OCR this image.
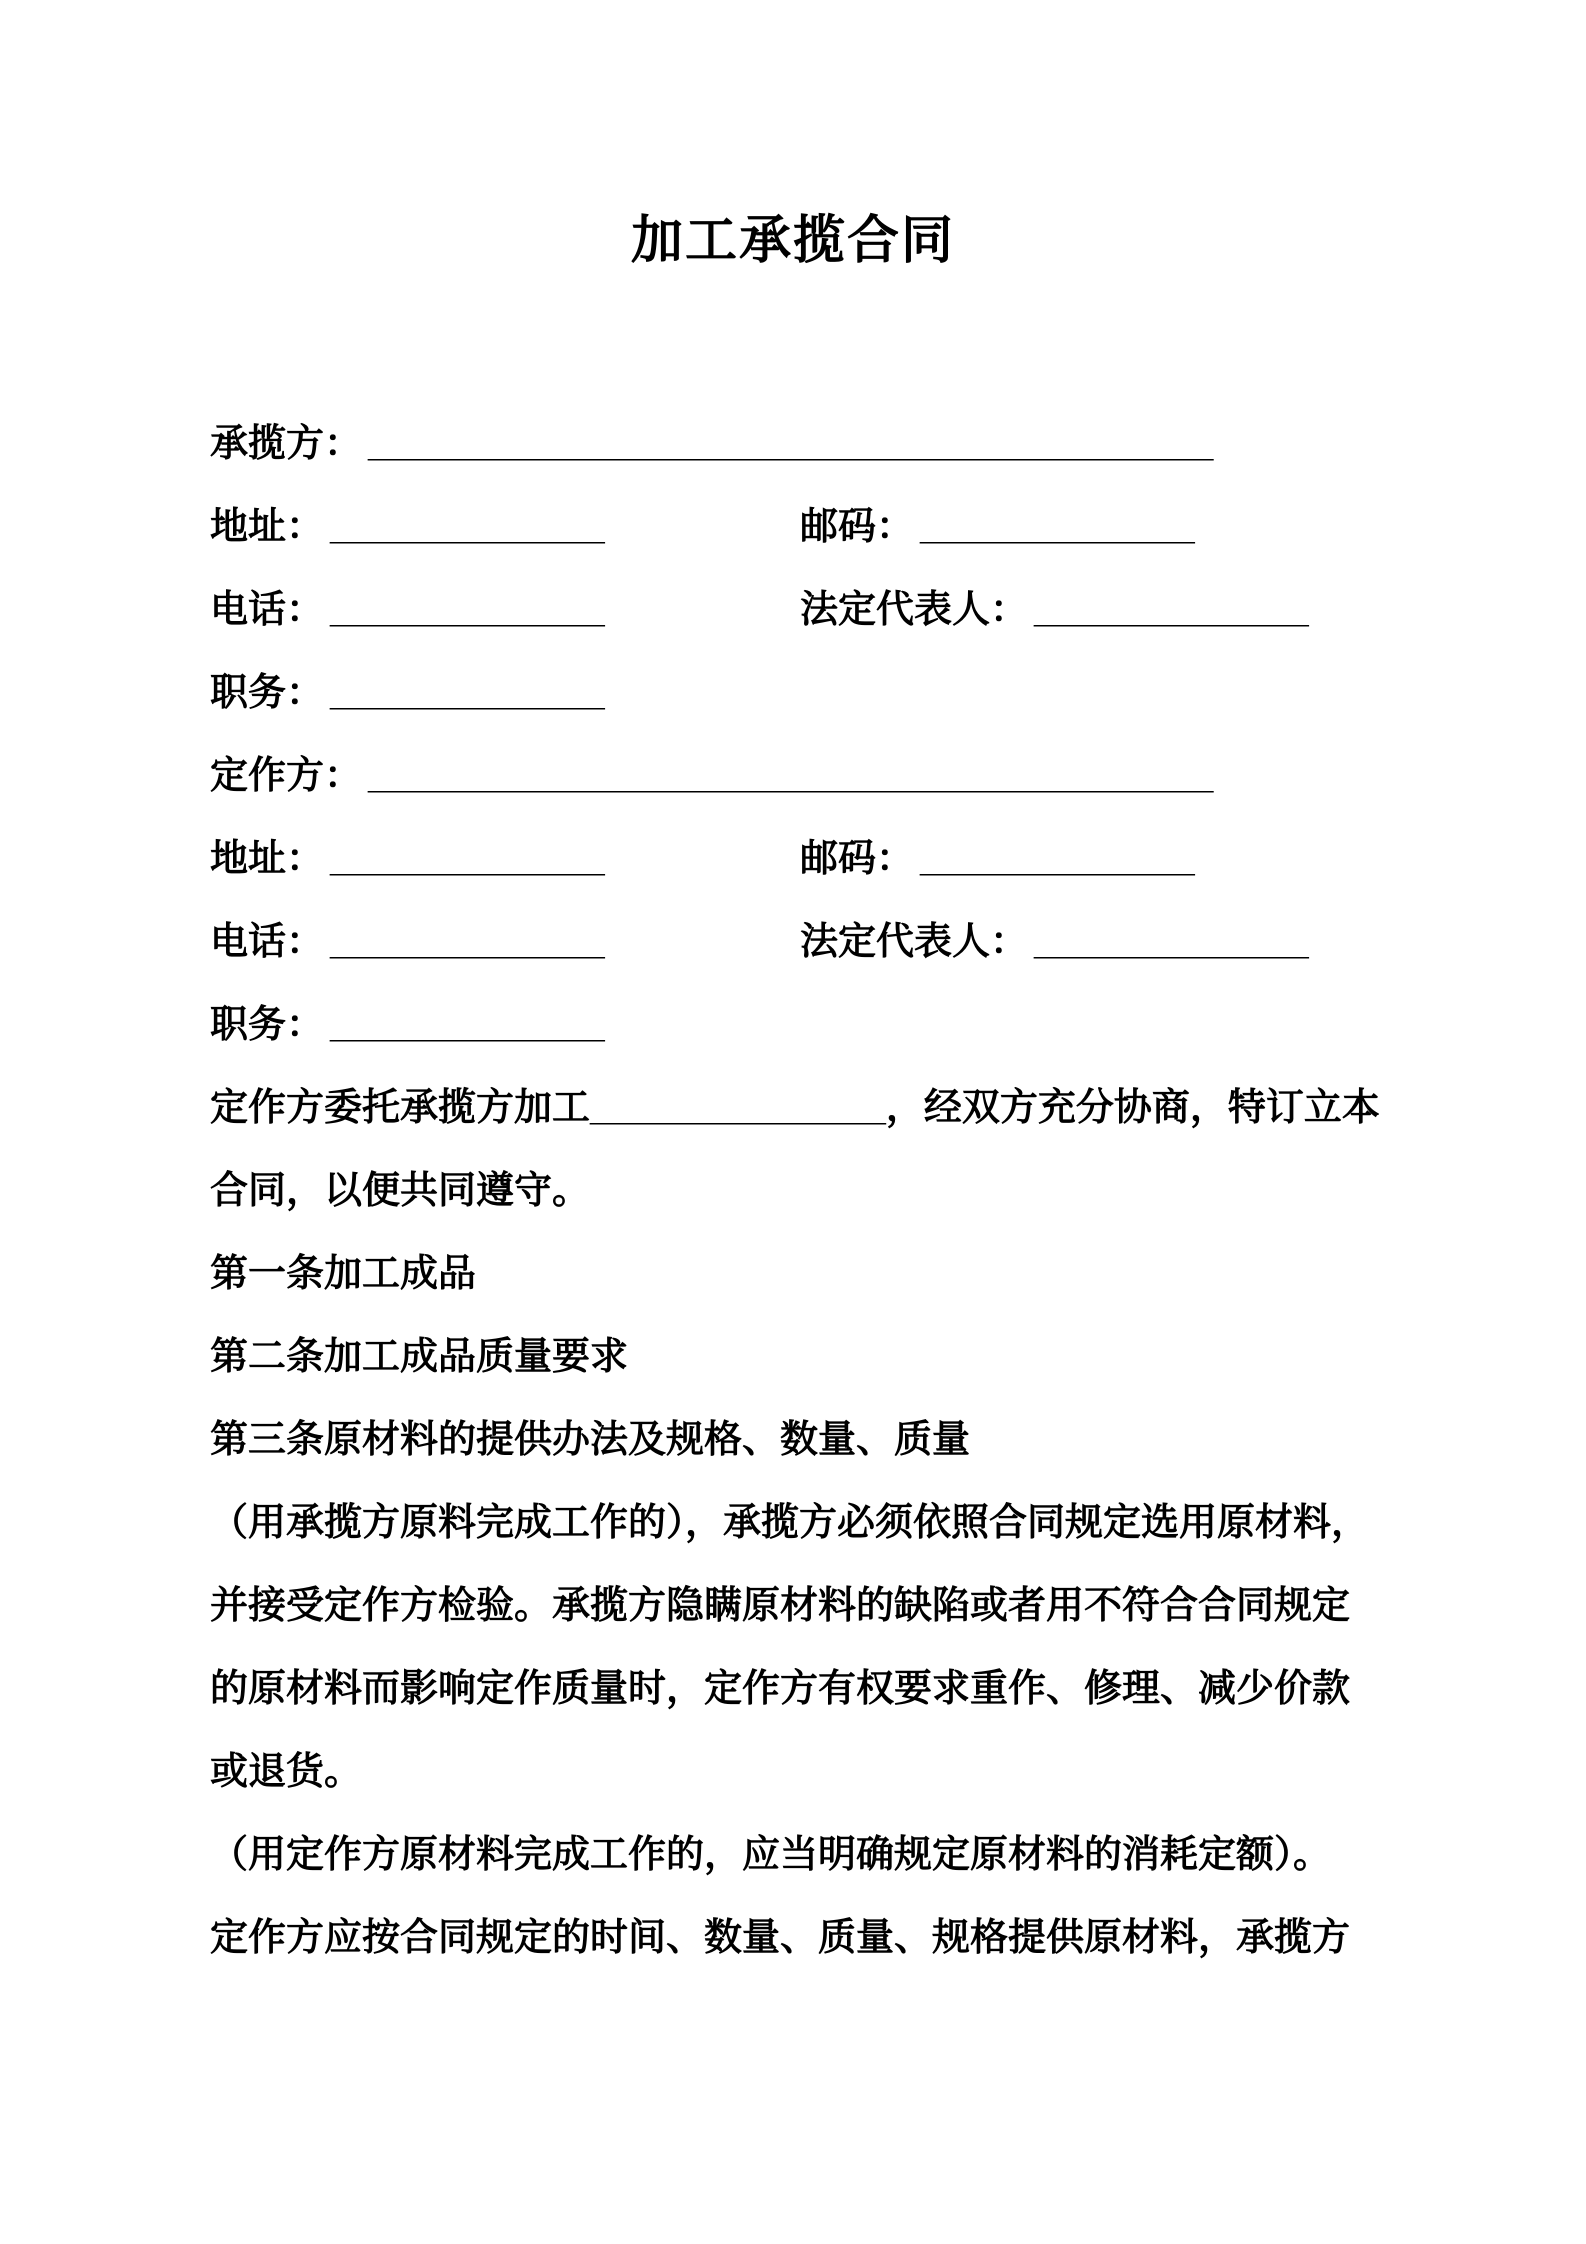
加工承揽合同
承揽方： ________________________________________
地址： _____________	邮码： _____________
电话： _____________	法定代表人： _____________
职务： _____________
定作方： ________________________________________
地址： _____________	邮码： _____________
电话： _____________	法定代表人： _____________
职务： _____________
定作方委托承揽方加工______________，经双方充分协商，特订立本
合同，以便共同遵守。
第一条加工成品
第二条加工成品质量要求
第三条原材料的提供办法及规格、数量、质量
（用承揽方原料完成工作的），承揽方必须依照合同规定选用原材料，
并接受定作方检验。承揽方隐瞒原材料的缺陷或者用不符合合同规定
的原材料而影响定作质量时，定作方有权要求重作、修理、减少价款
或退货。
（用定作方原材料完成工作的，应当明确规定原材料的消耗定额）。
定作方应按合同规定的时间、数量、质量、规格提供原材料，承揽方
